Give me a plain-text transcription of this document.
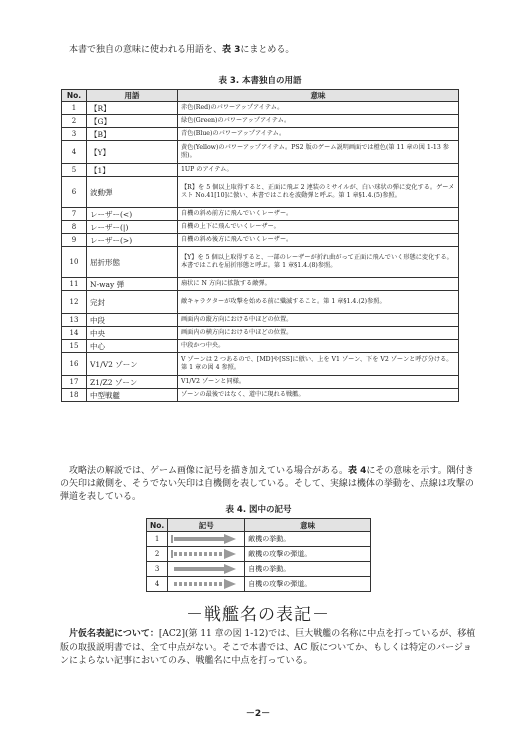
本書で独自の意味に使われる用語を、表 3にまとめる。

表 3. 本書独自の用語
No.	用語	意味
1	【R】	赤色(Red)のパワーアップアイテム。
2	【G】	緑色(Green)のパワーアップアイテム。
3	【B】	青色(Blue)のパワーアップアイテム。
4	【Y】	黄色(Yellow)のパワーアップアイテム。PS2 版のゲーム説明画面では橙色(第 11 章の図 1-13 参照)。
5	【1】	1UP のアイテム。
6	波動弾	【R】を 5 個以上取得すると、正面に飛ぶ 2 連装のミサイルが、白い球状の弾に変化する。ゲーメスト No.41[10]に倣い、本書ではこれを波動弾と呼ぶ。第 1 章§1.4.(5)参照。
7	レーザー(<)	自機の斜め前方に飛んでいくレーザー。
8	レーザー(|)	自機の上下に飛んでいくレーザー。
9	レーザー(>)	自機の斜め後方に飛んでいくレーザー。
10	屈折形態	【Y】を 5 個以上取得すると、一部のレーザーが折れ曲がって正面に飛んでいく形態に変化する。本書ではこれを屈折形態と呼ぶ。第 1 章§1.4.(8)参照。
11	N-way 弾	扇状に N 方向に拡散する敵弾。
12	完封	敵キャラクターが攻撃を始める前に殲滅すること。第 1 章§1.4.(2)参照。
13	中段	画面内の縦方向における中ほどの位置。
14	中央	画面内の横方向における中ほどの位置。
15	中心	中段かつ中央。
16	V1/V2 ゾーン	V ゾーンは 2 つあるので、[MD]や[SS]に倣い、上を V1 ゾーン、下を V2 ゾーンと呼び分ける。第 1 章の図 4 参照。
17	Z1/Z2 ゾーン	V1/V2 ゾーンと同様。
18	中型戦艦	ゾーンの最後ではなく、道中に現れる戦艦。

攻略法の解説では、ゲーム画像に記号を描き加えている場合がある。表 4にその意味を示す。隅付きの矢印は敵側を、そうでない矢印は自機側を表している。そして、実線は機体の挙動を、点線は攻撃の弾道を表している。

表 4. 図中の記号
No.	記号	意味
1		敵機の挙動。
2		敵機の攻撃の弾道。
3		自機の挙動。
4		自機の攻撃の弾道。
－戦艦名の表記－

片仮名表記について：[AC2](第 11 章の図 1-12)では、巨大戦艦の名称に中点を打っているが、移植版の取扱説明書では、全て中点がない。そこで本書では、AC 版についてか、もしくは特定のバージョンによらない記事においてのみ、戦艦名に中点を打っている。

－2－
